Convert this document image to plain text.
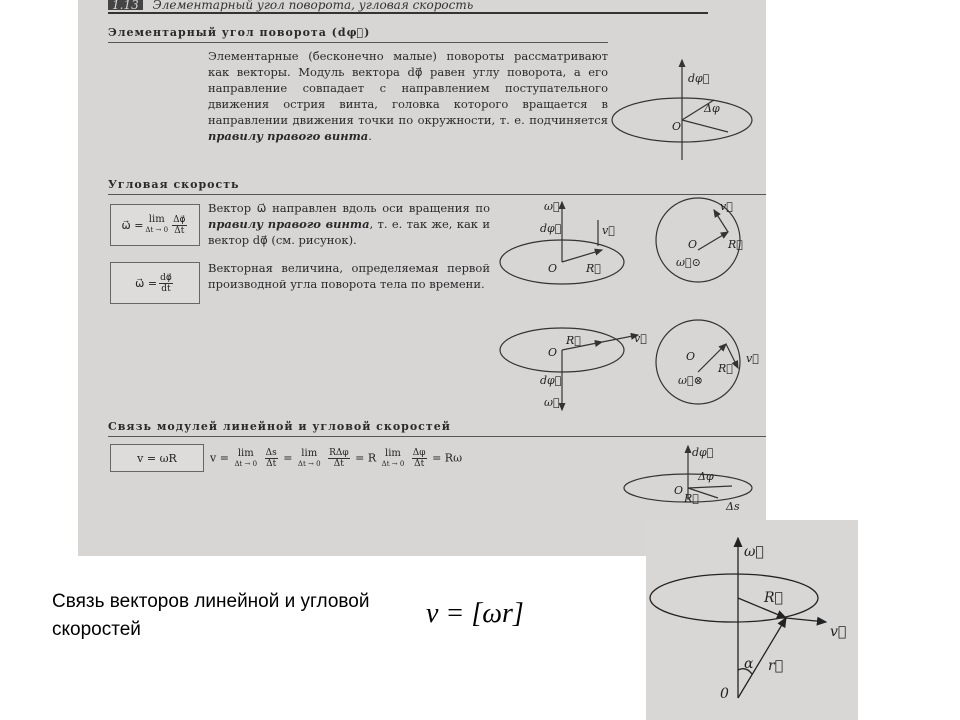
1.13 Элементарный угол поворота, угловая скорость
Элементарный угол поворота (dφ⃗)
Элементарные (бесконечно малые) повороты рассматривают как векторы. Модуль вектора dφ⃗ равен углу поворота, а его направление совпадает с направлением поступательного движения острия винта, головка которого вращается в направлении движения точки по окружности, т. е. подчиняется правилу правого винта.
Угловая скорость
ω⃗ = lim
$\Delta t \to 0 \frac{\Delta\varphi⃗}{\Delta t}$
ω⃗ = $\frac{d\varphi⃗}{dt}$
Вектор ω⃗ направлен вдоль оси вращения по правилу правого винта, т. е. так же, как и вектор dφ⃗ (см. рисунок).
Векторная величина, определяемая первой производной угла поворота тела по времени.
Связь модулей линейной и угловой скоростей
v = ωR	v = lim
Δt → 0
$\frac{\Delta s}{\Delta t} = \lim$
Δt → 0
$\frac{\text{RΔφ}}{\Delta t} = R$ lim
Δt → 0
$\frac{\Delta\varphi}{\Delta t} = R\omega$
dφ⃗
O
Δφ
ω⃗
dφ⃗	v⃗
O	R⃗
v⃗
O	R⃗
ω⃗⊙
R⃗
O
v⃗
dφ⃗
ω⃗
O
R⃗
v⃗
ω⃗⊗
dφ⃗
Δφ
O
R⃗
Δs
Связь векторов линейной и угловой скоростей
v = [ωr]
ω⃗
R⃗
v⃗
r⃗
α
0
